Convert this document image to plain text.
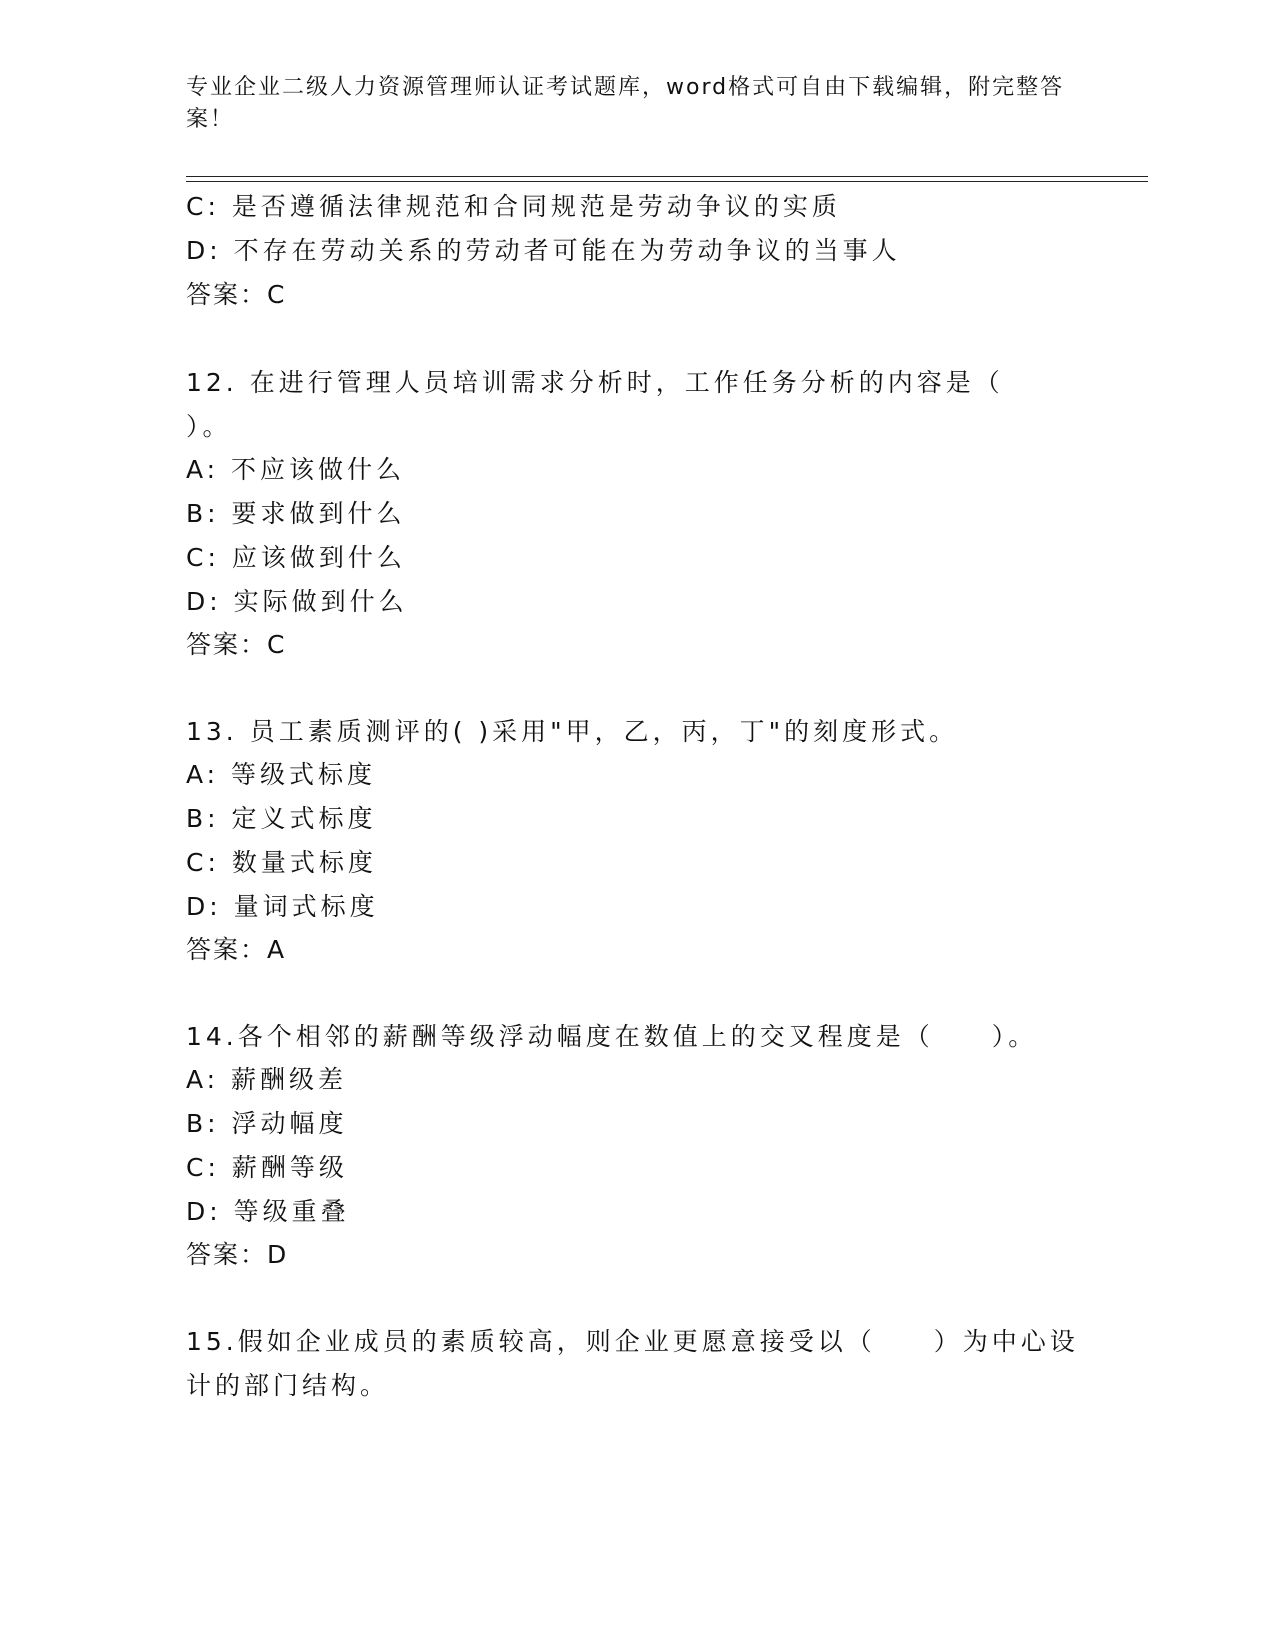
专业企业二级人力资源管理师认证考试题库，word格式可自由下载编辑，附完整答案！
C: 是否遵循法律规范和合同规范是劳动争议的实质
D: 不存在劳动关系的劳动者可能在为劳动争议的当事人
答案：C
12. 在进行管理人员培训需求分析时，工作任务分析的内容是（
）。
A: 不应该做什么
B: 要求做到什么
C: 应该做到什么
D: 实际做到什么
答案：C
13. 员工素质测评的( )采用"甲，乙，丙，丁"的刻度形式。
A: 等级式标度
B: 定义式标度
C: 数量式标度
D: 量词式标度
答案：A
14.各个相邻的薪酬等级浮动幅度在数值上的交叉程度是（　　）。
A: 薪酬级差
B: 浮动幅度
C: 薪酬等级
D: 等级重叠
答案：D
15.假如企业成员的素质较高，则企业更愿意接受以（　　）为中心设
计的部门结构。
